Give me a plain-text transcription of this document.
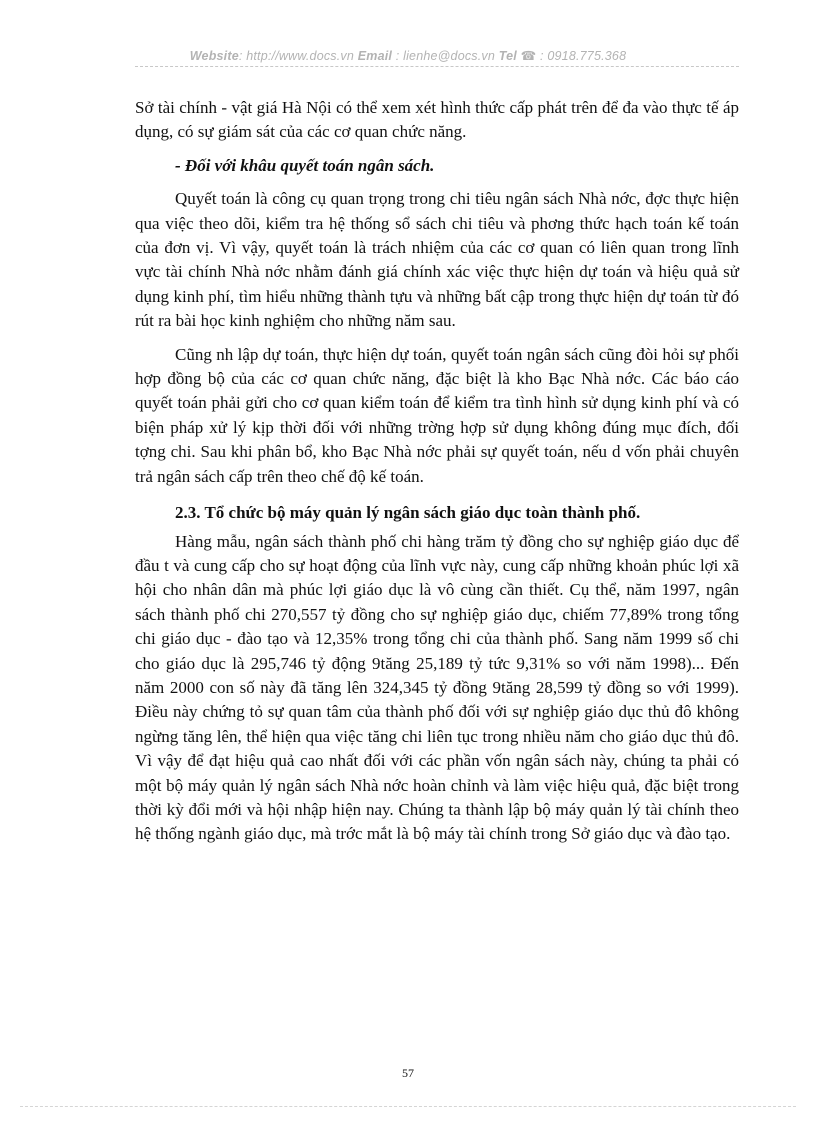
Website: http://www.docs.vn Email : lienhe@docs.vn Tel ☎ : 0918.775.368

Sở tài chính - vật giá Hà Nội có thể xem xét hình thức cấp phát trên để đa vào thực tế áp dụng, có sự giám sát của các cơ quan chức năng.

- Đối với khâu quyết toán ngân sách.

Quyết toán là công cụ quan trọng trong chi tiêu ngân sách Nhà nớc, đợc thực hiện qua việc theo dõi, kiểm tra hệ thống sổ sách chi tiêu và phơng thức hạch toán kế toán của đơn vị. Vì vậy, quyết toán là trách nhiệm của các cơ quan có liên quan trong lĩnh vực tài chính Nhà nớc nhằm đánh giá chính xác việc thực hiện dự toán và hiệu quả sử dụng kinh phí, tìm hiểu những thành tựu và những bất cập trong thực hiện dự toán từ đó rút ra bài học kinh nghiệm cho những năm sau.

Cũng nh lập dự toán, thực hiện dự toán, quyết toán ngân sách cũng đòi hỏi sự phối hợp đồng bộ của các cơ quan chức năng, đặc biệt là kho Bạc Nhà nớc. Các báo cáo quyết toán phải gửi cho cơ quan kiểm toán để kiểm tra tình hình sử dụng kinh phí và có biện pháp xử lý kịp thời đối với những trờng hợp sử dụng không đúng mục đích, đối tợng chi. Sau khi phân bổ, kho Bạc Nhà nớc phải sự quyết toán, nếu d vốn phải chuyên trả ngân sách cấp trên theo chế độ kế toán.

2.3. Tổ chức bộ máy quản lý ngân sách giáo dục toàn thành phố.

Hàng mẫu, ngân sách thành phố chi hàng trăm tỷ đồng cho sự nghiệp giáo dục để đầu t và cung cấp cho sự hoạt động của lĩnh vực này, cung cấp những khoản phúc lợi xã hội cho nhân dân mà phúc lợi giáo dục là vô cùng cần thiết. Cụ thể, năm 1997, ngân sách thành phố chi 270,557 tỷ đồng cho sự nghiệp giáo dục, chiếm 77,89% trong tổng chi giáo dục - đào tạo và 12,35% trong tổng chi của thành phố. Sang năm 1999 số chi cho giáo dục là 295,746 tỷ động 9tăng 25,189 tỷ tức 9,31% so với năm 1998)... Đến năm 2000 con số này đã tăng lên 324,345 tỷ đồng 9tăng 28,599 tỷ đồng so với 1999). Điều này chứng tỏ sự quan tâm của thành phố đối với sự nghiệp giáo dục thủ đô không ngừng tăng lên, thể hiện qua việc tăng chi liên tục trong nhiều năm cho giáo dục thủ đô. Vì vậy để đạt hiệu quả cao nhất đối với các phần vốn ngân sách này, chúng ta phải có một bộ máy quản lý ngân sách Nhà nớc hoàn chỉnh và làm việc hiệu quả, đặc biệt trong thời kỳ đổi mới và hội nhập hiện nay. Chúng ta thành lập bộ máy quản lý tài chính theo hệ thống ngành giáo dục, mà trớc mắt là bộ máy tài chính trong Sở giáo dục và đào tạo.

57
